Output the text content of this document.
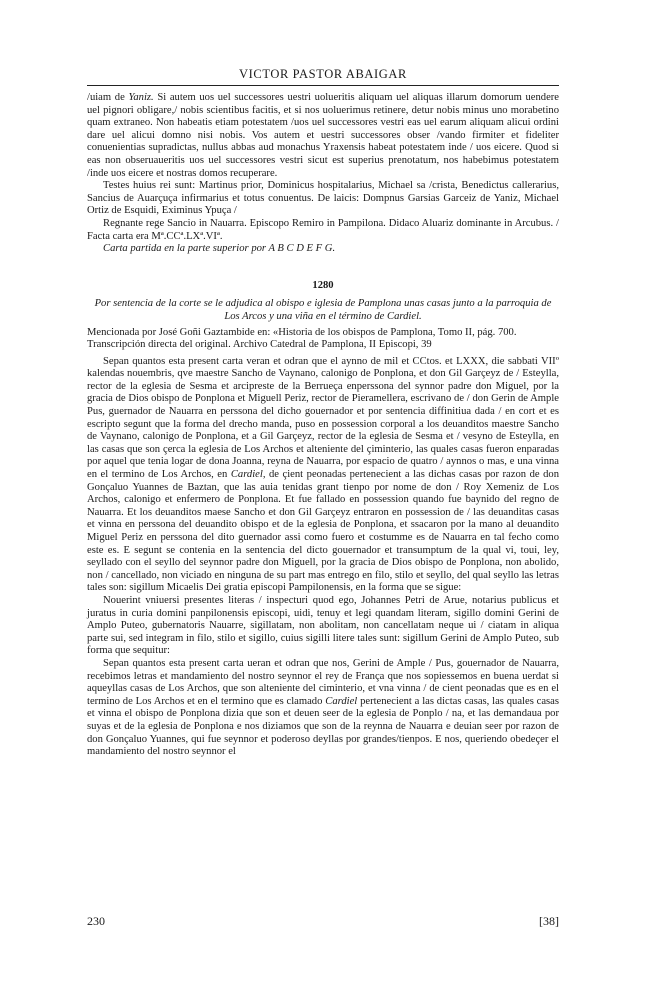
VICTOR PASTOR ABAIGAR

/uiam de Yaniz. Si autem uos uel successores uestri uolueritis aliquam uel aliquas illarum domorum uendere uel pignori obligare,/ nobis scientibus facitis, et si nos uoluerimus retinere, detur nobis minus uno morabetino quam extraneo. Non habeatis etiam potestatem /uos uel successores vestri eas uel earum aliquam alicui ordini dare uel alicui domno nisi nobis. Vos autem et uestri successores obser /vando firmiter et fideliter conuenientias supradictas, nullus abbas aud monachus Yraxensis habeat potestatem inde / uos eicere. Quod si eas non obseruaueritis uos uel successores vestri sicut est superius prenotatum, nos habebimus potestatem /inde uos eicere et nostras domos recuperare.

Testes huius rei sunt: Martinus prior, Dominicus hospitalarius, Michael sa /crista, Benedictus callerarius, Sancius de Auarçuça infirmarius et totus conuentus. De laicis: Dompnus Garsias Garceiz de Yaniz, Michael Ortiz de Esquidi, Eximinus Ypuça /

Regnante rege Sancio in Nauarra. Episcopo Remiro in Pampilona. Didaco Aluariz dominante in Arcubus. / Facta carta era Mª.CCª.LXª.VIª.

Carta partida en la parte superior por A B C D E F G.

1280

Por sentencia de la corte se le adjudica al obispo e iglesia de Pamplona unas casas junto a la parroquia de Los Arcos y una viña en el término de Cardiel.

Mencionada por José Goñi Gaztambide en: «Historia de los obispos de Pamplona, Tomo II, pág. 700.

Transcripción directa del original. Archivo Catedral de Pamplona, II Episcopi, 39

Sepan quantos esta present carta veran et odran que el aynno de mil et CCtos. et LXXX, die sabbati VIIº kalendas nouembris, qve maestre Sancho de Vaynano, calonigo de Ponplona, et don Gil Garçeyz de / Esteylla, rector de la eglesia de Sesma et arcipreste de la Berrueça enperssona del synnor padre don Miguel, por la gracia de Dios obispo de Ponplona et Miguell Periz, rector de Pieramellera, escrivano de / don Gerin de Ample Pus, guernador de Nauarra en perssona del dicho gouernador et por sentencia diffinitiua dada / en cort et es escripto segunt que la forma del drecho manda, puso en possession corporal a los deuanditos maestre Sancho de Vaynano, calonigo de Ponplona, et a Gil Garçeyz, rector de la eglesia de Sesma et / vesyno de Esteylla, en las casas que son çerca la eglesia de Los Archos et alteniente del çiminterio, las quales casas fueron enparadas por aquel que tenia logar de dona Joanna, reyna de Nauarra, por espacio de quatro / aynnos o mas, e una vinna en el termino de Los Archos, en Cardiel, de çient peonadas pertenecient a las dichas casas por razon de don Gonçaluo Yuannes de Baztan, que las auia tenidas grant tienpo por nome de don / Roy Xemeniz de Los Archos, calonigo et enfermero de Ponplona. Et fue fallado en possession quando fue baynido del regno de Nauarra. Et los deuanditos maese Sancho et don Gil Garçeyz entraron en possession de / las deuanditas casas et vinna en perssona del deuandito obispo et de la eglesia de Ponplona, et ssacaron por la mano al deuandito Miguel Periz en perssona del dito guernador assi como fuero et costumme es de Nauarra en tal fecho como este es. E segunt se contenia en la sentencia del dicto gouernador et transumptum de la qual vi, toui, ley, seyllado con el seyllo del seynnor padre don Miguell, por la gracia de Dios obispo de Ponplona, non abolido, non / cancellado, non viciado en ninguna de su part mas entrego en filo, stilo et seyllo, del qual seyllo las letras tales son: sigillum Micaelis Dei gratia episcopi Pampilonensis, en la forma que se sigue:

Nouerint vniuersi presentes literas / inspecturi quod ego, Johannes Petri de Arue, notarius publicus et juratus in curia domini panpilonensis episcopi, uidi, tenuy et legi quandam literam, sigillo domini Gerini de Amplo Puteo, gubernatoris Nauarre, sigillatam, non abolitam, non cancellatam neque ui / ciatam in aliqua parte sui, sed integram in filo, stilo et sigillo, cuius sigilli litere tales sunt: sigillum Gerini de Amplo Puteo, sub forma que sequitur:

Sepan quantos esta present carta ueran et odran que nos, Gerini de Ample / Pus, gouernador de Nauarra, recebimos letras et mandamiento del nostro seynnor el rey de França que nos sopiessemos en buena uerdat si aqueyllas casas de Los Archos, que son alteniente del ciminterio, et vna vinna / de cient peonadas que es en el termino de Los Archos et en el termino que es clamado Cardiel pertenecient a las dictas casas, las quales casas et vinna el obispo de Ponplona dizia que son et deuen seer de la eglesia de Ponplo / na, et las demandaua por suyas et de la eglesia de Ponplona e nos diziamos que son de la reynna de Nauarra e deuian seer por razon de don Gonçaluo Yuannes, qui fue seynnor et poderoso deyllas por grandes/tienpos. E nos, queriendo obedeçer el mandamiento del nostro seynnor el

230	[38]
